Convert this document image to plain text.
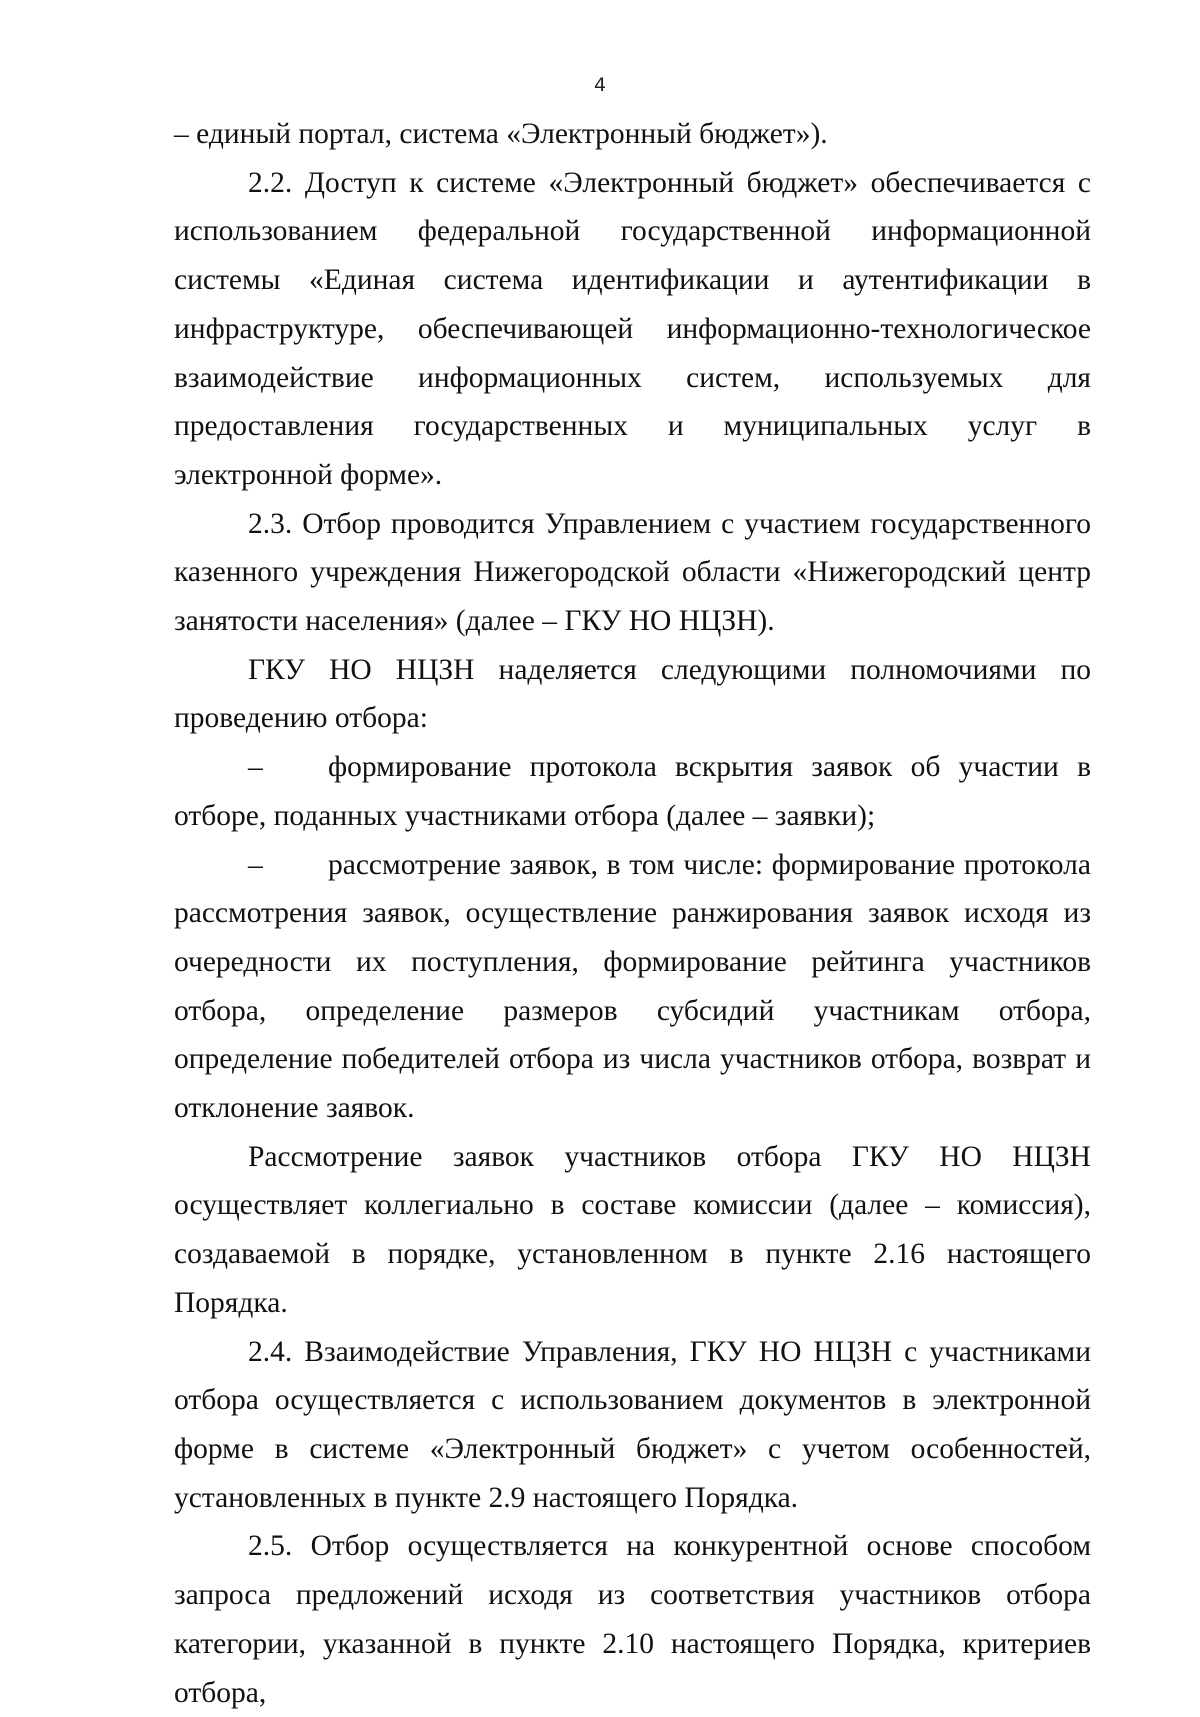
4

– единый портал, система «Электронный бюджет»).

2.2. Доступ к системе «Электронный бюджет» обеспечивается с использованием федеральной государственной информационной системы «Единая система идентификации и аутентификации в инфраструктуре, обеспечивающей информационно-технологическое взаимодействие информационных систем, используемых для предоставления государственных и муниципальных услуг в электронной форме».

2.3. Отбор проводится Управлением с участием государственного казенного учреждения Нижегородской области «Нижегородский центр занятости населения» (далее – ГКУ НО НЦЗН).

ГКУ НО НЦЗН наделяется следующими полномочиями по проведению отбора:

– формирование протокола вскрытия заявок об участии в отборе, поданных участниками отбора (далее – заявки);

– рассмотрение заявок, в том числе: формирование протокола рассмотрения заявок, осуществление ранжирования заявок исходя из очередности их поступления, формирование рейтинга участников отбора, определение размеров субсидий участникам отбора, определение победителей отбора из числа участников отбора, возврат и отклонение заявок.

Рассмотрение заявок участников отбора ГКУ НО НЦЗН осуществляет коллегиально в составе комиссии (далее – комиссия), создаваемой в порядке, установленном в пункте 2.16 настоящего Порядка.

2.4. Взаимодействие Управления, ГКУ НО НЦЗН с участниками отбора осуществляется с использованием документов в электронной форме в системе «Электронный бюджет» с учетом особенностей, установленных в пункте 2.9 настоящего Порядка.

2.5. Отбор осуществляется на конкурентной основе способом запроса предложений исходя из соответствия участников отбора категории, указанной в пункте 2.10 настоящего Порядка, критериев отбора,
